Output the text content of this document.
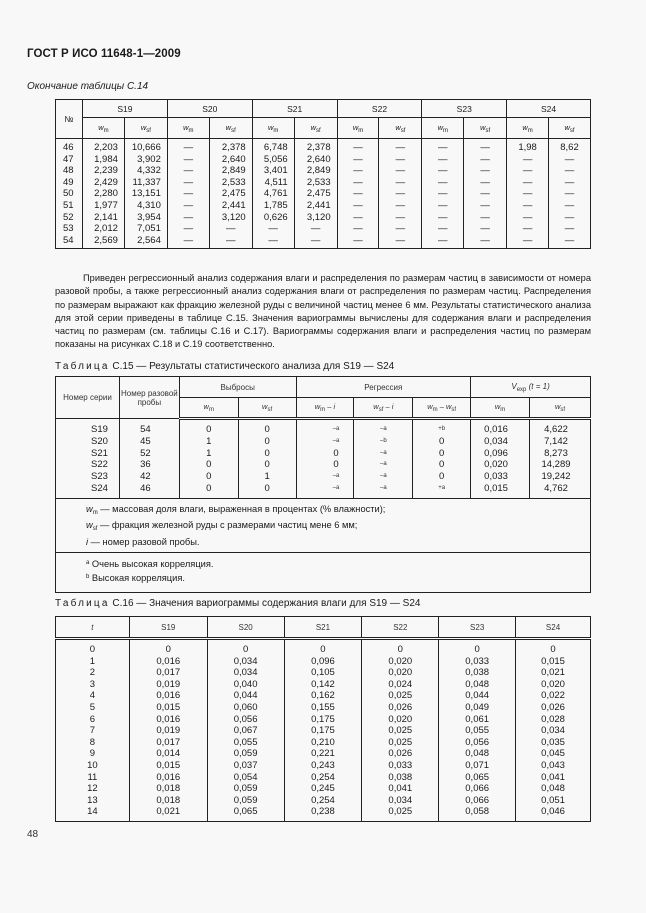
ГОСТ Р ИСО 11648-1—2009
Окончание таблицы С.14
№	S19		S20		S21		S22		S23		S24	
	$w_m$	$w_{sf}$	$w_m$	$w_{sf}$	$w_m$	$w_{sf}$	$w_m$	$w_{sf}$	$w_m$	$w_{sf}$	$w_m$	$w_{sf}$
46	2,203	10,666	—	2,378	6,748	2,378	—	—	—	—	1,98	8,62
47	1,984	3,902	—	2,640	5,056	2,640	—	—	—	—	—	—
48	2,239	4,332	—	2,849	3,401	2,849	—	—	—	—	—	—
49	2,429	11,337	—	2,533	4,511	2,533	—	—	—	—	—	—
50	2,280	13,151	—	2,475	4,761	2,475	—	—	—	—	—	—
51	1,977	4,310	—	2,441	1,785	2,441	—	—	—	—	—	—
52	2,141	3,954	—	3,120	0,626	3,120	—	—	—	—	—	—
53	2,012	7,051	—	—	—	—	—	—	—	—	—	—
54	2,569	2,564	—	—	—	—	—	—	—	—	—	—

Приведен регрессионный анализ содержания влаги и распределения по размерам частиц в зависимости от номера разовой пробы, а также регрессионный анализ содержания влаги от распределения по размерам частиц. Распределения по размерам выражают как фракцию железной руды с величиной частиц менее 6 мм. Результаты статистического анализа для этой серии приведены в таблице С.15. Значения вариограммы вычислены для содержания влаги и распределения частиц по размерам (см. таблицы С.16 и С.17). Вариограммы содержания влаги и распределения частиц по размерам показаны на рисунках С.18 и С.19 соответственно.

Таблица С.15 — Результаты статистического анализа для S19 — S24
Номер серии	Номер разовой пробы	Выбросы		Регрессия			$V_{exp}$ (t = 1)	
		$w_m$	$w_{sf}$	$w_m$ – i	$w_{sf}$ – i	$w_m - w_{sf}$	$w_m$	$w_{sf}$
S19	54	0	0	$^{-a}$	$^{-a}$	$^{+b}$	0,016	4,622
S20	45	1	0	$^{-a}$	$^{-b}$	0	0,034	7,142
S21	52	1	0	0	$^{-a}$	0	0,096	8,273
S22	36	0	0	0	$^{-a}$	0	0,020	14,289
S23	42	0	1	$^{-a}$	$^{-a}$	0	0,033	19,242
S24	46	0	0	$^{-a}$	$^{-a}$	$^{+a}$	0,015	4,762

$w_m$ — массовая доля влаги, выраженная в процентах (% влажности);
$w_{sf}$ — фракция железной руды с размерами частиц мене 6 мм;
i — номер разовой пробы.								

$^a$ Очень высокая корреляция.
$^b$ Высокая корреляция.								
Таблица С.16 — Значения вариограммы содержания влаги для S19 — S24
t	S19	S20	S21	S22	S23	S24
0	0	0	0	0	0	0
1	0,016	0,034	0,096	0,020	0,033	0,015
2	0,017	0,034	0,105	0,020	0,038	0,021
3	0,019	0,040	0,142	0,024	0,048	0,020
4	0,016	0,044	0,162	0,025	0,044	0,022
5	0,015	0,060	0,155	0,026	0,049	0,026
6	0,016	0,056	0,175	0,020	0,061	0,028
7	0,019	0,067	0,175	0,025	0,055	0,034
8	0,017	0,055	0,210	0,025	0,056	0,035
9	0,014	0,059	0,221	0,026	0,048	0,045
10	0,015	0,037	0,243	0,033	0,071	0,043
11	0,016	0,054	0,254	0,038	0,065	0,041
12	0,018	0,059	0,245	0,041	0,066	0,048
13	0,018	0,059	0,254	0,034	0,066	0,051
14	0,021	0,065	0,238	0,025	0,058	0,046
48
